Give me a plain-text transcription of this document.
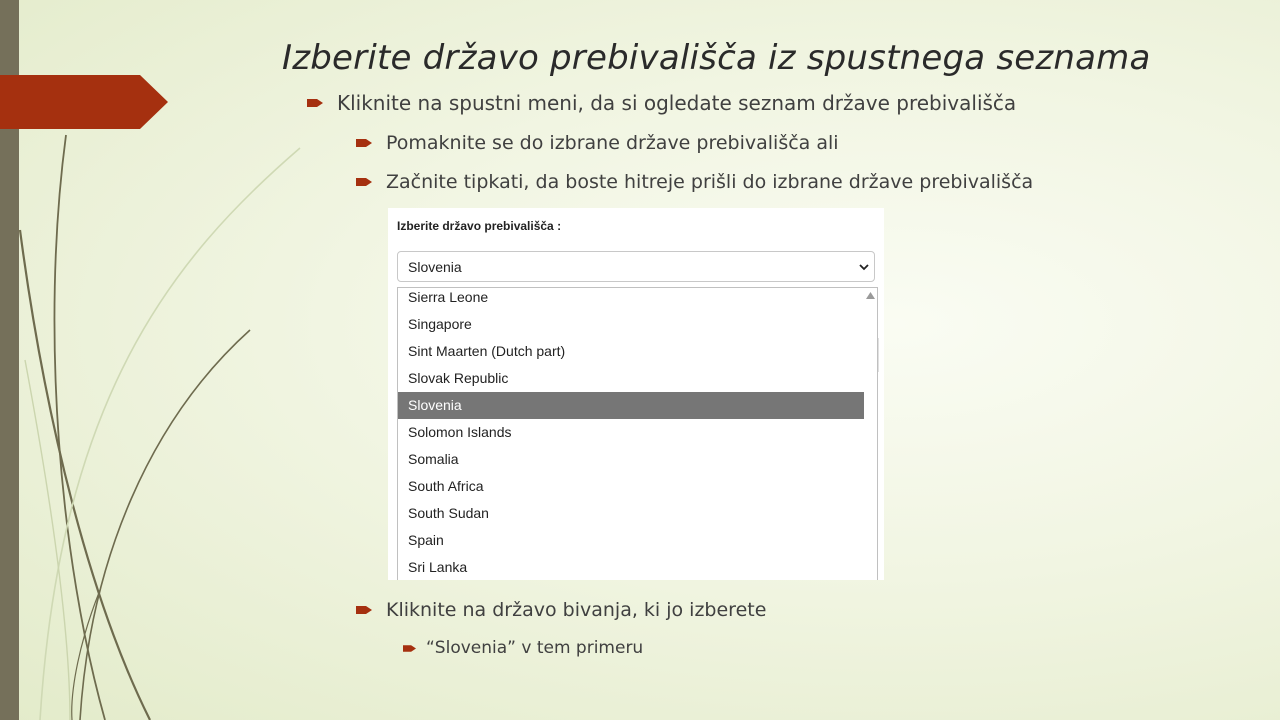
Izberite državo prebivališča iz spustnega seznama
Kliknite na spustni meni, da si ogledate seznam države prebivališča
Pomaknite se do izbrane države prebivališča ali
Začnite tipkati, da boste hitreje prišli do izbrane države prebivališča
Izberite državo prebivališča :
Slovenia
Sierra Leone
Singapore
Sint Maarten (Dutch part)
Slovak Republic
Slovenia
Solomon Islands
Somalia
South Africa
South Sudan
Spain
Sri Lanka
Kliknite na državo bivanja, ki jo izberete
“Slovenia” v tem primeru
